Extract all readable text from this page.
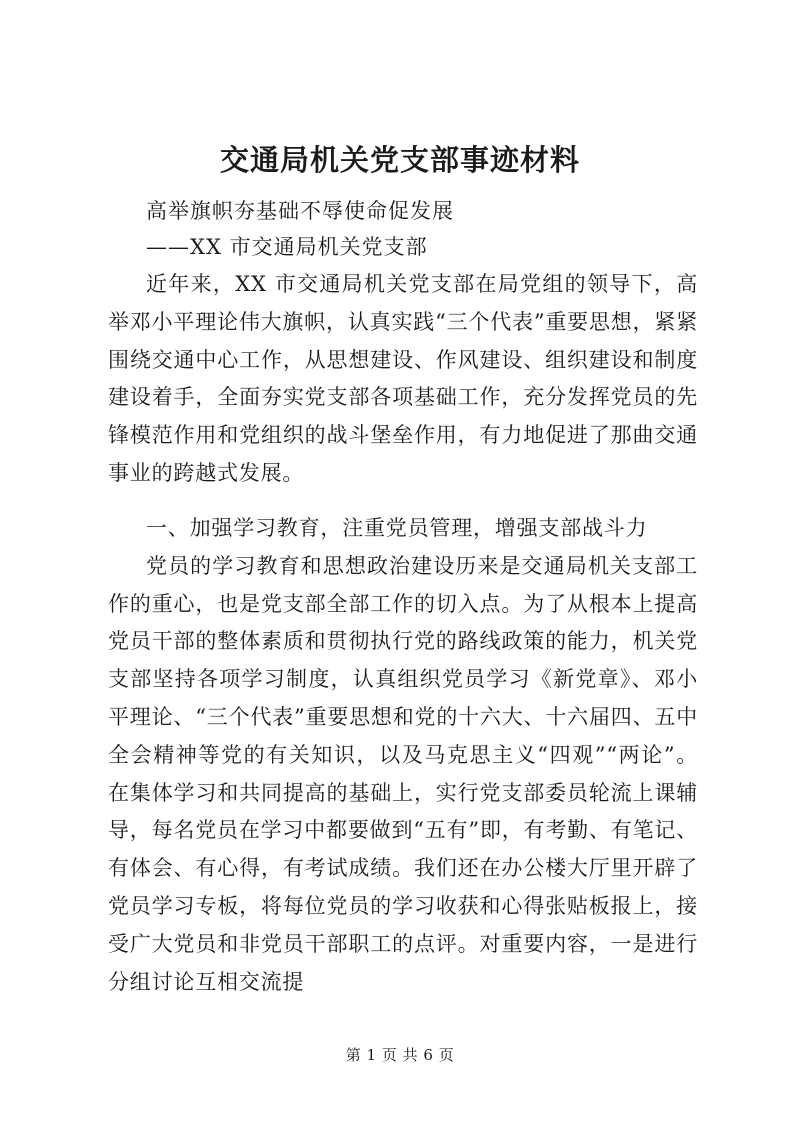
交通局机关党支部事迹材料
高举旗帜夯基础不辱使命促发展
——XX 市交通局机关党支部

近年来，XX 市交通局机关党支部在局党组的领导下，高举邓小平理论伟大旗帜，认真实践“三个代表”重要思想，紧紧围绕交通中心工作，从思想建设、作风建设、组织建设和制度建设着手，全面夯实党支部各项基础工作，充分发挥党员的先锋模范作用和党组织的战斗堡垒作用，有力地促进了那曲交通事业的跨越式发展。

一、加强学习教育，注重党员管理，增强支部战斗力

党员的学习教育和思想政治建设历来是交通局机关支部工作的重心，也是党支部全部工作的切入点。为了从根本上提高党员干部的整体素质和贯彻执行党的路线政策的能力，机关党支部坚持各项学习制度，认真组织党员学习《新党章》、邓小平理论、“三个代表”重要思想和党的十六大、十六届四、五中全会精神等党的有关知识，以及马克思主义“四观”“两论”。在集体学习和共同提高的基础上，实行党支部委员轮流上课辅导，每名党员在学习中都要做到“五有”即，有考勤、有笔记、有体会、有心得，有考试成绩。我们还在办公楼大厅里开辟了党员学习专板，将每位党员的学习收获和心得张贴板报上，接受广大党员和非党员干部职工的点评。对重要内容，一是进行分组讨论互相交流提

第 1 页 共 6 页
